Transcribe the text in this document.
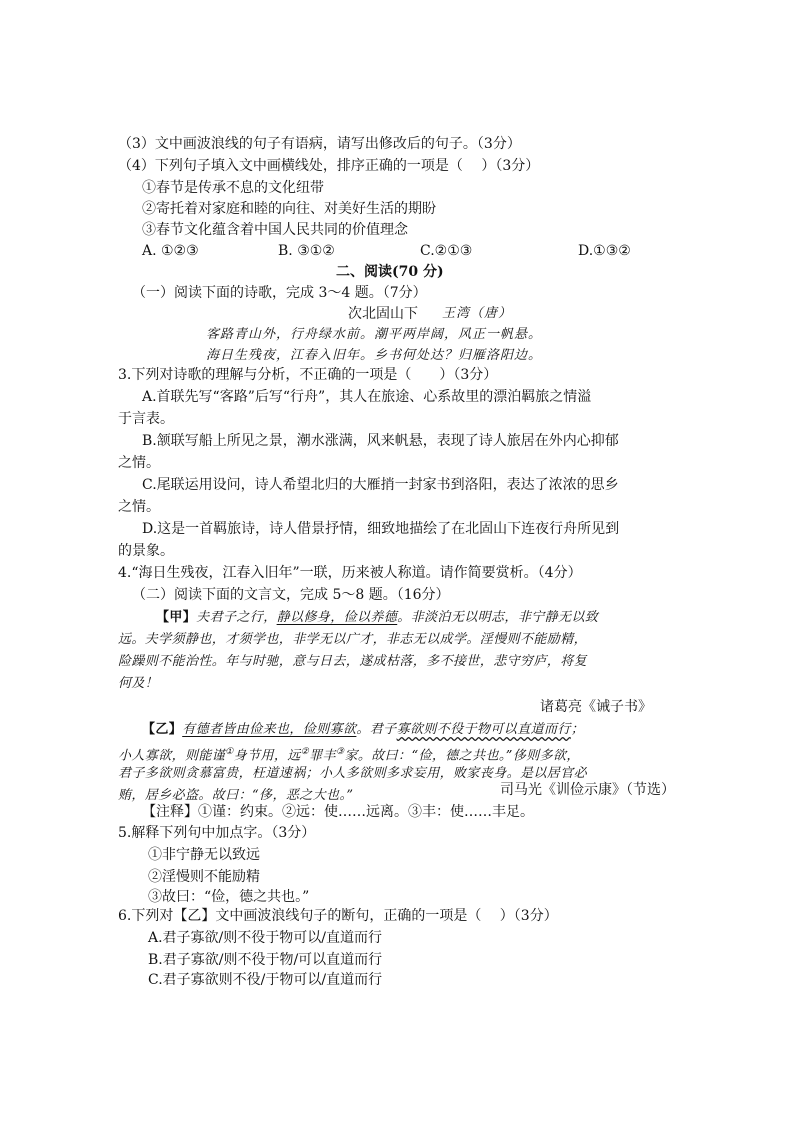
（3）文中画波浪线的句子有语病，请写出修改后的句子。（3分）
（4）下列句子填入文中画横线处，排序正确的一项是（　 ）（3分）
①春节是传承不息的文化纽带
②寄托着对家庭和睦的向往、对美好生活的期盼
③春节文化蕴含着中国人民共同的价值理念
A. ①②③	B. ③①②	C.②①③	D.①③②
二、阅读(70 分)
（一）阅读下面的诗歌，完成 3～4 题。（7分）
次北固山下 王湾（唐）
客路青山外，行舟绿水前。潮平两岸阔，风正一帆悬。
海日生残夜，江春入旧年。乡书何处达？归雁洛阳边。
3.下列对诗歌的理解与分析，不正确的一项是（　　）（3分）
A.首联先写“客路”后写“行舟”，其人在旅途、心系故里的漂泊羁旅之情溢
于言表。
B.颔联写船上所见之景，潮水涨满，风来帆悬，表现了诗人旅居在外内心抑郁
之情。
C.尾联运用设问，诗人希望北归的大雁捎一封家书到洛阳，表达了浓浓的思乡
之情。
D.这是一首羁旅诗，诗人借景抒情，细致地描绘了在北固山下连夜行舟所见到
的景象。
4.“海日生残夜，江春入旧年”一联，历来被人称道。请作简要赏析。（4分）
（二）阅读下面的文言文，完成 5～8 题。（16分）
【甲】夫君子之行，静以修身，俭以养德。非淡泊无以明志，非宁静无以致
远。夫学须静也，才须学也，非学无以广才，非志无以成学。淫慢则不能励精，
险躁则不能治性。年与时驰，意与日去，遂成枯落，多不接世，悲守穷庐，将复
何及！
诸葛亮《诫子书》
【乙】有德者皆由俭来也，俭则寡欲。君子寡欲则不役于物可以直道而行；
小人寡欲，则能谨①身节用，远②罪丰③家。故曰：“俭，德之共也。”侈则多欲，
君子多欲则贪慕富贵，枉道速祸；小人多欲则多求妄用，败家丧身。是以居官必
贿，居乡必盗。故曰：“侈，恶之大也。”	司马光《训俭示康》（节选）
【注释】①谨：约束。②远：使……远离。③丰：使……丰足。
5.解释下列句中加点字。（3分）
①非宁静无以致远
②淫慢则不能励精
③故曰：“俭，德之共也。”
6.下列对【乙】文中画波浪线句子的断句，正确的一项是（　 ）（3分）
A.君子寡欲/则不役于物可以/直道而行
B.君子寡欲/则不役于物/可以直道而行
C.君子寡欲则不役/于物可以/直道而行
